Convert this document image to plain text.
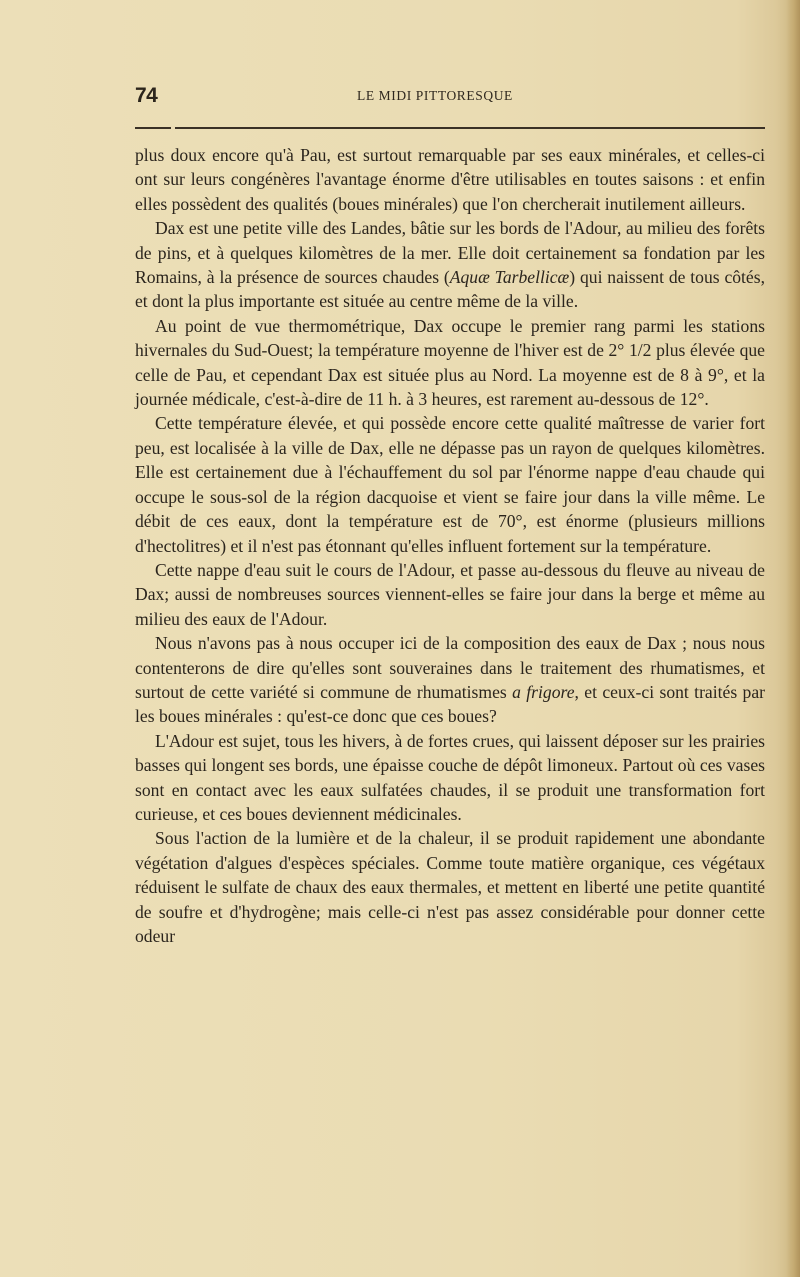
74	LE MIDI PITTORESQUE

plus doux encore qu'à Pau, est surtout remarquable par ses eaux minérales, et celles-ci ont sur leurs congénères l'avantage énorme d'être utilisables en toutes saisons : et enfin elles possèdent des qualités (boues minérales) que l'on chercherait inutilement ailleurs.

Dax est une petite ville des Landes, bâtie sur les bords de l'Adour, au milieu des forêts de pins, et à quelques kilomètres de la mer. Elle doit certainement sa fondation par les Romains, à la présence de sources chaudes (Aquæ Tarbellicæ) qui naissent de tous côtés, et dont la plus importante est située au centre même de la ville.

Au point de vue thermométrique, Dax occupe le premier rang parmi les stations hivernales du Sud-Ouest; la température moyenne de l'hiver est de 2° 1/2 plus élevée que celle de Pau, et cependant Dax est située plus au Nord. La moyenne est de 8 à 9°, et la journée médicale, c'est-à-dire de 11 h. à 3 heures, est rarement au-dessous de 12°.

Cette température élevée, et qui possède encore cette qualité maîtresse de varier fort peu, est localisée à la ville de Dax, elle ne dépasse pas un rayon de quelques kilomètres. Elle est certainement due à l'échauffement du sol par l'énorme nappe d'eau chaude qui occupe le sous-sol de la région dacquoise et vient se faire jour dans la ville même. Le débit de ces eaux, dont la température est de 70°, est énorme (plusieurs millions d'hectolitres) et il n'est pas étonnant qu'elles influent fortement sur la température.

Cette nappe d'eau suit le cours de l'Adour, et passe au-dessous du fleuve au niveau de Dax; aussi de nombreuses sources viennent-elles se faire jour dans la berge et même au milieu des eaux de l'Adour.

Nous n'avons pas à nous occuper ici de la composition des eaux de Dax ; nous nous contenterons de dire qu'elles sont souveraines dans le traitement des rhumatismes, et surtout de cette variété si commune de rhumatismes a frigore, et ceux-ci sont traités par les boues minérales : qu'est-ce donc que ces boues?

L'Adour est sujet, tous les hivers, à de fortes crues, qui laissent déposer sur les prairies basses qui longent ses bords, une épaisse couche de dépôt limoneux. Partout où ces vases sont en contact avec les eaux sulfatées chaudes, il se produit une transformation fort curieuse, et ces boues deviennent médicinales.

Sous l'action de la lumière et de la chaleur, il se produit rapidement une abondante végétation d'algues d'espèces spéciales. Comme toute matière organique, ces végétaux réduisent le sulfate de chaux des eaux thermales, et mettent en liberté une petite quantité de soufre et d'hydrogène; mais celle-ci n'est pas assez considérable pour donner cette odeur
